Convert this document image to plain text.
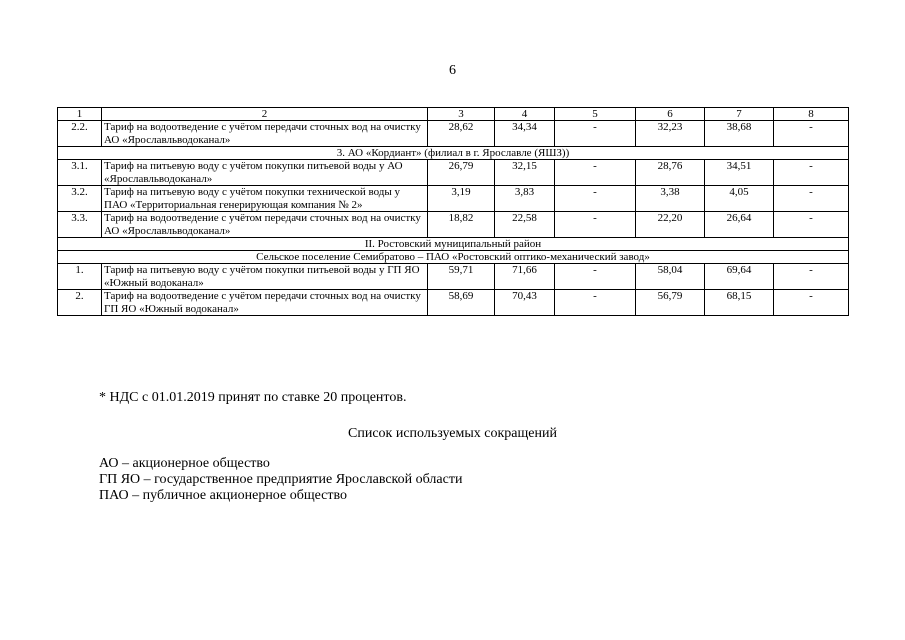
6
1	2	3	4	5	6	7	8
2.2.	Тариф на водоотведение с учётом передачи сточных вод на очистку АО «Ярославльводоканал»	28,62	34,34	-	32,23	38,68	-
3. АО «Кордиант» (филиал в г. Ярославле (ЯШЗ))							
3.1.	Тариф на питьевую воду с учётом покупки питьевой воды у АО «Ярославльводоканал»	26,79	32,15	-	28,76	34,51	-
3.2.	Тариф на питьевую воду с учётом покупки технической воды у ПАО «Территориальная генерирующая компания № 2»	3,19	3,83	-	3,38	4,05	-
3.3.	Тариф на водоотведение с учётом передачи сточных вод на очистку АО «Ярославльводоканал»	18,82	22,58	-	22,20	26,64	-
II. Ростовский муниципальный район							
Сельское поселение Семибратово – ПАО «Ростовский оптико-механический завод»							
1.	Тариф на питьевую воду с учётом покупки питьевой воды у ГП ЯО «Южный водоканал»	59,71	71,66	-	58,04	69,64	-
2.	Тариф на водоотведение с учётом передачи сточных вод на очистку ГП ЯО «Южный водоканал»	58,69	70,43	-	56,79	68,15	-
* НДС с 01.01.2019 принят по ставке 20 процентов.
Список используемых сокращений
АО – акционерное общество
ГП ЯО – государственное предприятие Ярославской области
ПАО – публичное акционерное общество
